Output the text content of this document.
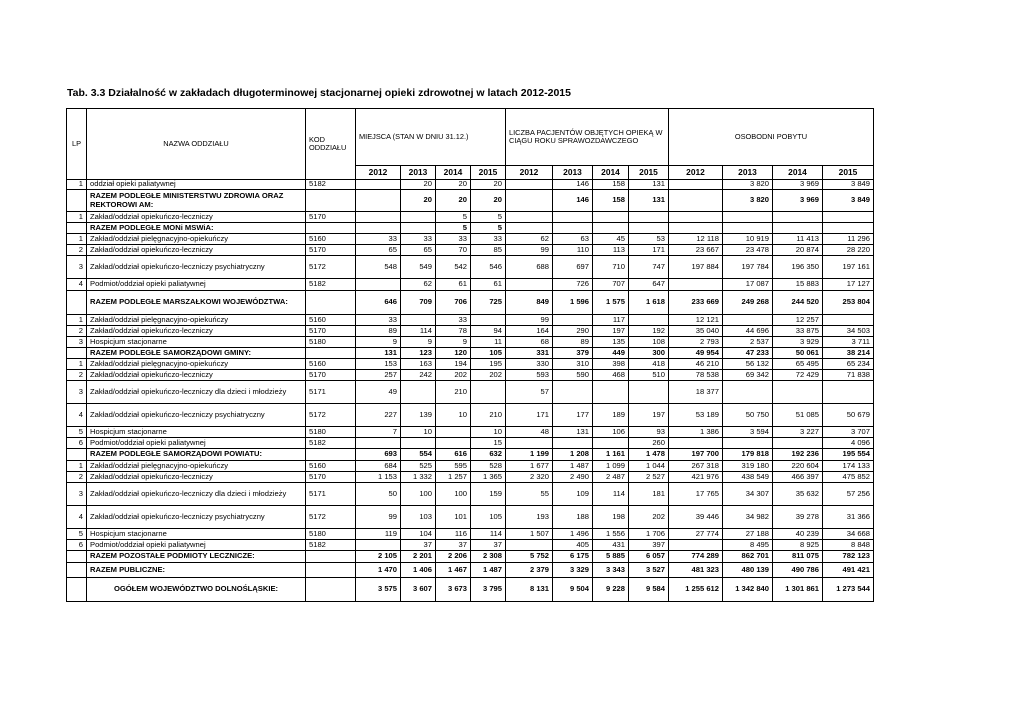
Tab. 3.3 Działalność w zakładach długoterminowej stacjonarnej opieki zdrowotnej w latach 2012-2015
LP	NAZWA ODDZIAŁU	KOD ODDZIAŁU	MIEJSCA (STAN W DNIU 31.12.)				LICZBA PACJENTÓW OBJĘTYCH OPIEKĄ W CIĄGU ROKU SPRAWOZDAWCZEGO				OSOBODNI POBYTU			
			2012	2013	2014	2015	2012	2013	2014	2015	2012	2013	2014	2015
1	oddział opieki paliatywnej	5182		20	20	20		146	158	131		3 820	3 969	3 849
	RAZEM PODLEGŁE MINISTERSTWU ZDROWIA ORAZ REKTOROWI AM:			20	20	20		146	158	131		3 820	3 969	3 849
1	Zakład/oddział opiekuńczo-leczniczy	5170			5	5								
	RAZEM PODLEGŁE MONi MSWiA:				5	5								
1	Zakład/oddział pielęgnacyjno-opiekuńczy	5160	33	33	33	33	62	63	45	53	12 118	10 919	11 413	11 296
2	Zakład/oddział opiekuńczo-leczniczy	5170	65	65	70	85	99	110	113	171	23 667	23 478	20 874	28 220
3	Zakład/oddział opiekuńczo-leczniczy psychiatryczny	5172	548	549	542	546	688	697	710	747	197 884	197 784	196 350	197 161
4	Podmiot/oddział opieki paliatywnej	5182		62	61	61		726	707	647		17 087	15 883	17 127
	RAZEM PODLEGŁE MARSZAŁKOWI WOJEWÓDZTWA:		646	709	706	725	849	1 596	1 575	1 618	233 669	249 268	244 520	253 804
1	Zakład/oddział pielęgnacyjno-opiekuńczy	5160	33		33		99		117		12 121		12 257	
2	Zakład/oddział opiekuńczo-leczniczy	5170	89	114	78	94	164	290	197	192	35 040	44 696	33 875	34 503
3	Hospicjum stacjonarne	5180	9	9	9	11	68	89	135	108	2 793	2 537	3 929	3 711
	RAZEM PODLEGŁE SAMORZĄDOWI GMINY:		131	123	120	105	331	379	449	300	49 954	47 233	50 061	38 214
1	Zakład/oddział pielęgnacyjno-opiekuńczy	5160	153	163	194	195	330	310	398	418	46 210	56 132	65 495	65 234
2	Zakład/oddział opiekuńczo-leczniczy	5170	257	242	202	202	593	590	468	510	78 538	69 342	72 429	71 838
3	Zakład/oddział opiekuńczo-leczniczy dla dzieci i młodzieży	5171	49		210		57				18 377			
4	Zakład/oddział opiekuńczo-leczniczy psychiatryczny	5172	227	139	10	210	171	177	189	197	53 189	50 750	51 085	50 679
5	Hospicjum stacjonarne	5180	7	10		10	48	131	106	93	1 386	3 594	3 227	3 707
6	Podmiot/oddział opieki paliatywnej	5182				15				260				4 096
	RAZEM PODLEGŁE SAMORZĄDOWI POWIATU:		693	554	616	632	1 199	1 208	1 161	1 478	197 700	179 818	192 236	195 554
1	Zakład/oddział pielęgnacyjno-opiekuńczy	5160	684	525	595	528	1 677	1 487	1 099	1 044	267 318	319 180	220 604	174 133
2	Zakład/oddział opiekuńczo-leczniczy	5170	1 153	1 332	1 257	1 365	2 320	2 490	2 487	2 527	421 976	438 549	466 397	475 852
3	Zakład/oddział opiekuńczo-leczniczy dla dzieci i młodzieży	5171	50	100	100	159	55	109	114	181	17 765	34 307	35 632	57 256
4	Zakład/oddział opiekuńczo-leczniczy psychiatryczny	5172	99	103	101	105	193	188	198	202	39 446	34 982	39 278	31 366
5	Hospicjum stacjonarne	5180	119	104	116	114	1 507	1 496	1 556	1 706	27 774	27 188	40 239	34 668
6	Podmiot/oddział opieki paliatywnej	5182		37	37	37		405	431	397		8 495	8 925	8 848
	RAZEM POZOSTAŁE PODMIOTY LECZNICZE:		2 105	2 201	2 206	2 308	5 752	6 175	5 885	6 057	774 289	862 701	811 075	782 123
	RAZEM PUBLICZNE:		1 470	1 406	1 467	1 487	2 379	3 329	3 343	3 527	481 323	480 139	490 786	491 421
	OGÓŁEM WOJEWÓDZTWO DOLNOŚLĄSKIE:		3 575	3 607	3 673	3 795	8 131	9 504	9 228	9 584	1 255 612	1 342 840	1 301 861	1 273 544
